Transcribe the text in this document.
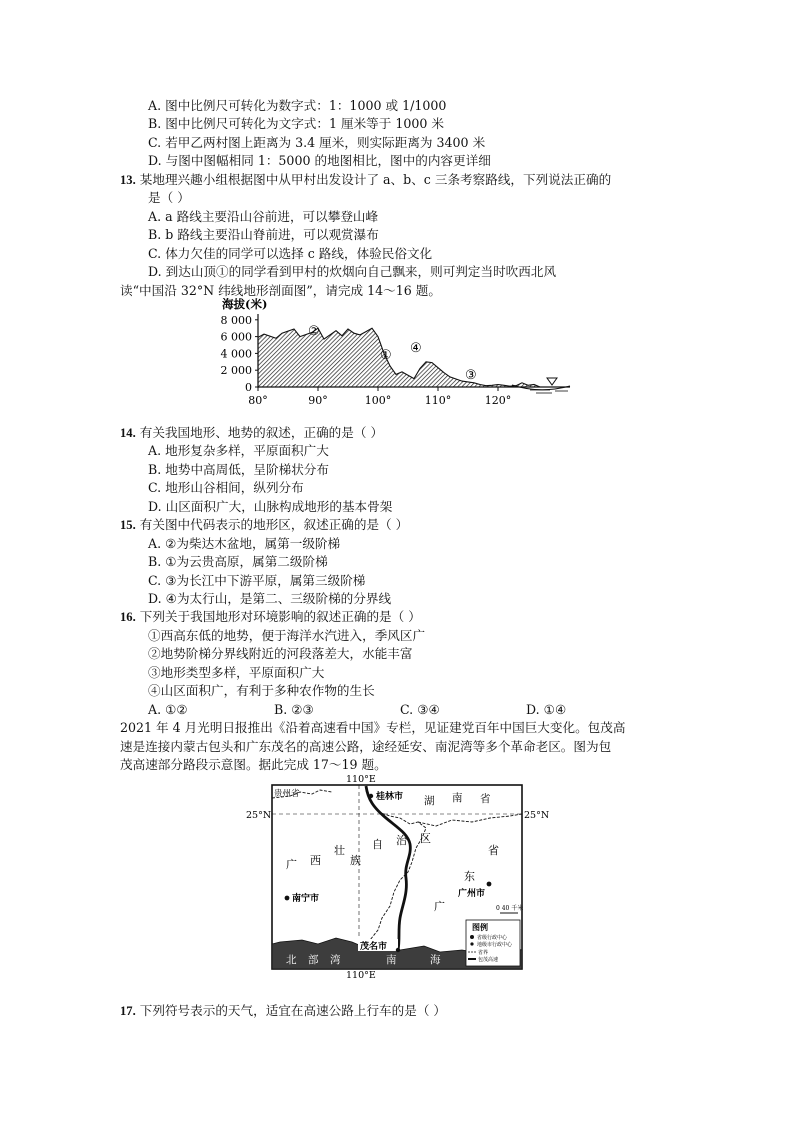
A. 图中比例尺可转化为数字式：1：1000 或 1/1000
B. 图中比例尺可转化为文字式：1 厘米等于 1000 米
C. 若甲乙两村图上距离为 3.4 厘米，则实际距离为 3400 米
D. 与图中图幅相同 1：5000 的地图相比，图中的内容更详细
13. 某地理兴趣小组根据图中从甲村出发设计了 a、b、c 三条考察路线，下列说法正确的
是（ ）
A. a 路线主要沿山谷前进，可以攀登山峰
B. b 路线主要沿山脊前进，可以观赏瀑布
C. 体力欠佳的同学可以选择 c 路线，体验民俗文化
D. 到达山顶①的同学看到甲村的炊烟向自己飘来，则可判定当时吹西北风
读“中国沿 32°N 纬线地形剖面图”，请完成 14～16 题。
海拔(米)
8 000
6 000
4 000
2 000
0
80°	90°	100°	110°	120°
②
① ④
③
14. 有关我国地形、地势的叙述，正确的是（ ）
A. 地形复杂多样，平原面积广大
B. 地势中高周低，呈阶梯状分布
C. 地形山谷相间，纵列分布
D. 山区面积广大，山脉构成地形的基本骨架
15. 有关图中代码表示的地形区，叙述正确的是（ ）
A. ②为柴达木盆地，属第一级阶梯
B. ①为云贵高原，属第二级阶梯
C. ③为长江中下游平原，属第三级阶梯
D. ④为太行山，是第二、三级阶梯的分界线
16. 下列关于我国地形对环境影响的叙述正确的是（ ）
①西高东低的地势，便于海洋水汽进入，季风区广
②地势阶梯分界线附近的河段落差大，水能丰富
③地形类型多样，平原面积广大
④山区面积广，有利于多种农作物的生长
A. ①②	B. ②③	C. ③④	D. ①④
2021 年 4 月光明日报推出《沿着高速看中国》专栏，见证建党百年中国巨大变化。包茂高
速是连接内蒙古包头和广东茂名的高速公路，途经延安、南泥湾等多个革命老区。图为包
茂高速部分路段示意图。据此完成 17～19 题。
110°E
110°E
25°N	25°N
贵州省	桂林市 湖 南 省
自 治 区
广 西
壮
族
省
东
广州市
南宁市
广
茂名市
北 部 湾	南	海
0 40 千米
图例
省级行政中心
地级市行政中心
省界
包茂高速
17. 下列符号表示的天气，适宜在高速公路上行车的是（ ）
